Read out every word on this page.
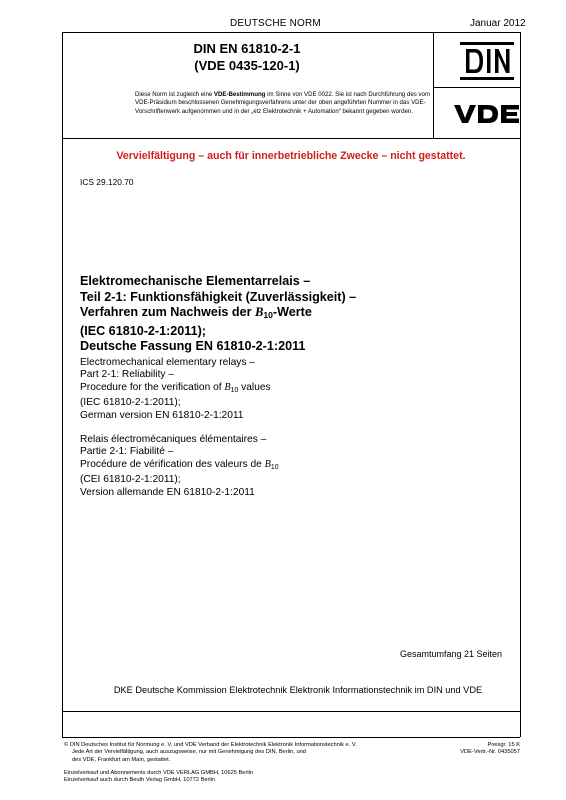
DEUTSCHE NORM	Januar 2012
DIN EN 61810-2-1
(VDE 0435-120-1)
Diese Norm ist zugleich eine VDE-Bestimmung im Sinne von VDE 0022. Sie ist nach Durchführung des vom VDE-Präsidium beschlossenen Genehmigungsverfahrens unter der oben angeführten Nummer in das VDE-Vorschriftenwerk aufgenommen und in der „etz Elektrotechnik + Automation“ bekannt gegeben worden.
Vervielfältigung – auch für innerbetriebliche Zwecke – nicht gestattet.
ICS 29.120.70
Elektromechanische Elementarrelais –
Teil 2-1: Funktionsfähigkeit (Zuverlässigkeit) –
Verfahren zum Nachweis der $B_{10}$-Werte
(IEC 61810-2-1:2011);
Deutsche Fassung EN 61810-2-1:2011
Electromechanical elementary relays –
Part 2-1: Reliability –
Procedure for the verification of $B_{10}$ values
(IEC 61810-2-1:2011);
German version EN 61810-2-1:2011
Relais électromécaniques élémentaires –
Partie 2-1: Fiabilité –
Procédure de vérification des valeurs de $B_{10}$
(CEI 61810-2-1:2011);
Version allemande EN 61810-2-1:2011
Gesamtumfang 21 Seiten
DKE Deutsche Kommission Elektrotechnik Elektronik Informationstechnik im DIN und VDE
© DIN Deutsches Institut für Normung e. V. und VDE Verband der Elektrotechnik Elektronik Informationstechnik e. V.
Jede Art der Vervielfältigung, auch auszugsweise, nur mit Genehmigung des DIN, Berlin, und
des VDE, Frankfurt am Main, gestattet.
Preisgr. 15 K
VDE-Vertr.-Nr. 0435057
Einzelverkauf und Abonnements durch VDE VERLAG GMBH, 10625 Berlin
Einzelverkauf auch durch Beuth Verlag GmbH, 10772 Berlin
